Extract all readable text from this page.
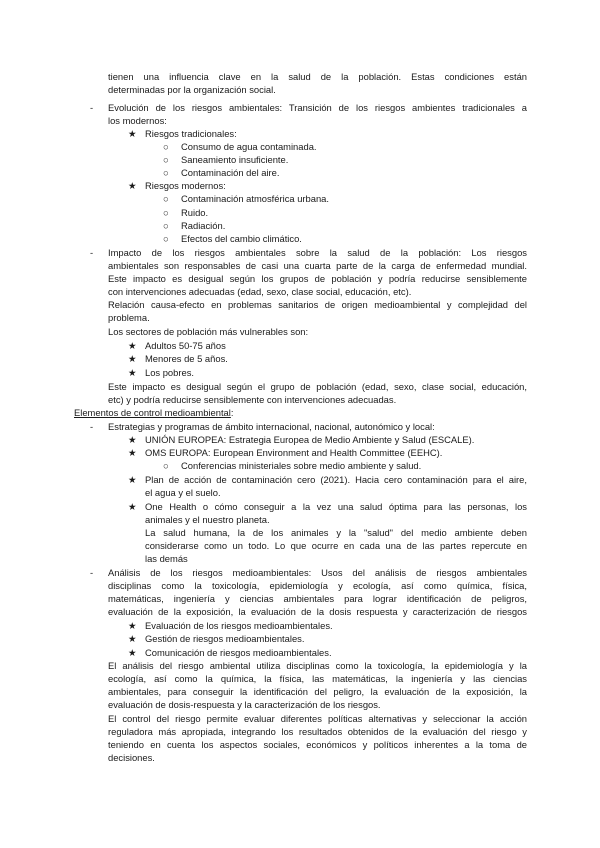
tienen una influencia clave en la salud de la población. Estas condiciones están
determinadas por la organización social.
- Evolución de los riesgos ambientales: Transición de los riesgos ambientes tradicionales a
los modernos:
★ Riesgos tradicionales:
○ Consumo de agua contaminada.
○ Saneamiento insuficiente.
○ Contaminación del aire.
★ Riesgos modernos:
○ Contaminación atmosférica urbana.
○ Ruido.
○ Radiación.
○ Efectos del cambio climático.
- Impacto de los riesgos ambientales sobre la salud de la población: Los riesgos
ambientales son responsables de casi una cuarta parte de la carga de enfermedad mundial.
Este impacto es desigual según los grupos de población y podría reducirse sensiblemente
con intervenciones adecuadas (edad, sexo, clase social, educación, etc).
Relación causa-efecto en problemas sanitarios de origen medioambiental y complejidad del
problema.
Los sectores de población más vulnerables son:
★ Adultos 50-75 años
★ Menores de 5 años.
★ Los pobres.
Este impacto es desigual según el grupo de población (edad, sexo, clase social, educación,
etc) y podría reducirse sensiblemente con intervenciones adecuadas.
Elementos de control medioambiental:
- Estrategias y programas de ámbito internacional, nacional, autonómico y local:
★ UNIÓN EUROPEA: Estrategia Europea de Medio Ambiente y Salud (ESCALE).
★ OMS EUROPA: European Environment and Health Committee (EEHC).
○ Conferencias ministeriales sobre medio ambiente y salud.
★ Plan de acción de contaminación cero (2021). Hacia cero contaminación para el aire,
el agua y el suelo.
★ One Health o cómo conseguir a la vez una salud óptima para las personas, los
animales y el nuestro planeta.
La salud humana, la de los animales y la "salud" del medio ambiente deben
considerarse como un todo. Lo que ocurre en cada una de las partes repercute en
las demás
- Análisis de los riesgos medioambientales: Usos del análisis de riesgos ambientales
disciplinas como la toxicología, epidemiología y ecología, así como química, física,
matemáticas, ingeniería y ciencias ambientales para lograr identificación de peligros,
evaluación de la exposición, la evaluación de la dosis respuesta y caracterización de riesgos
★ Evaluación de los riesgos medioambientales.
★ Gestión de riesgos medioambientales.
★ Comunicación de riesgos medioambientales.
El análisis del riesgo ambiental utiliza disciplinas como la toxicología, la epidemiología y la
ecología, así como la química, la física, las matemáticas, la ingeniería y las ciencias
ambientales, para conseguir la identificación del peligro, la evaluación de la exposición, la
evaluación de dosis-respuesta y la caracterización de los riesgos.
El control del riesgo permite evaluar diferentes políticas alternativas y seleccionar la acción
reguladora más apropiada, integrando los resultados obtenidos de la evaluación del riesgo y
teniendo en cuenta los aspectos sociales, económicos y políticos inherentes a la toma de
decisiones.
